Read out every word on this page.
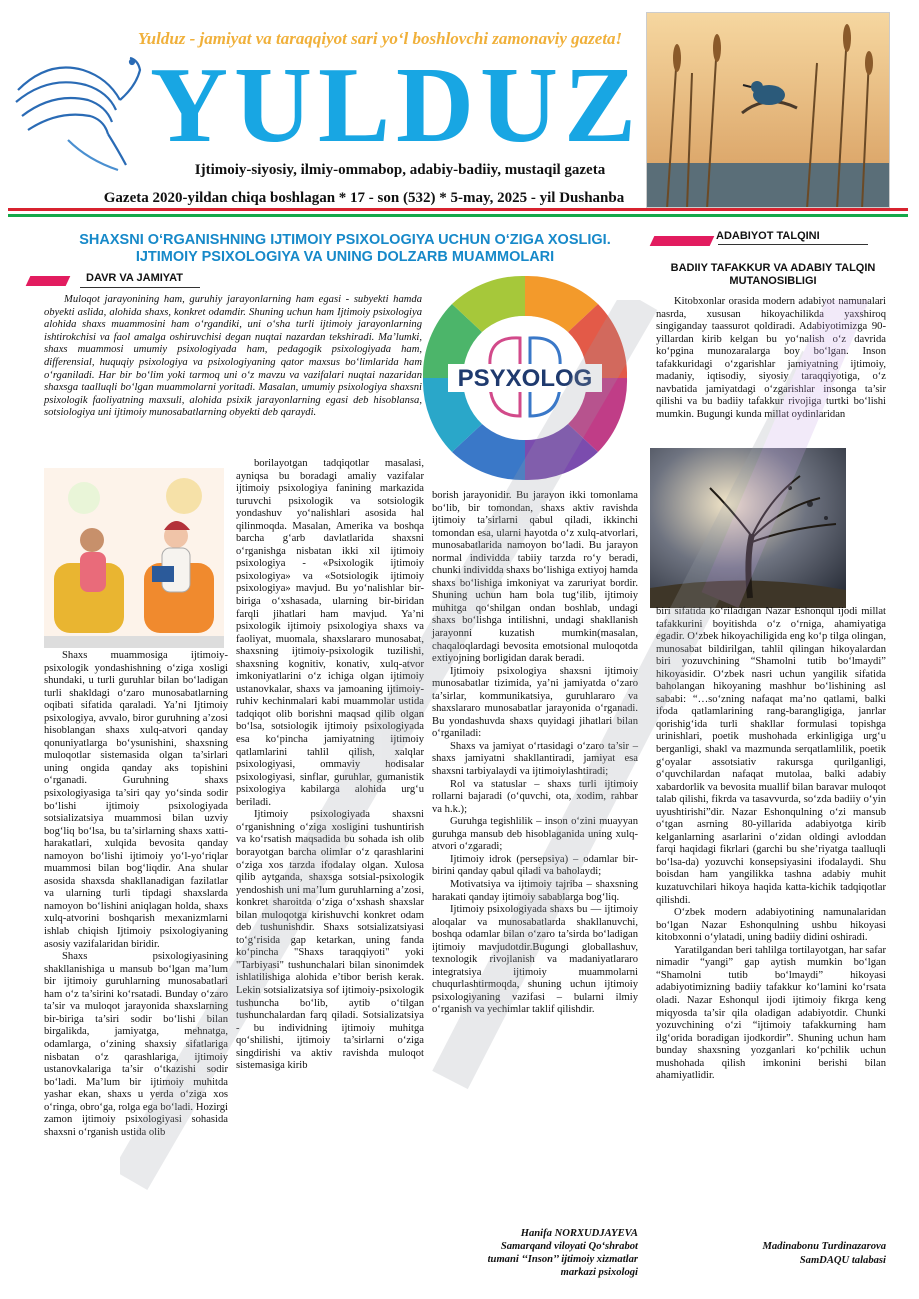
Yulduz - jamiyat va taraqqiyot sari yo‘l boshlovchi zamonaviy gazeta!
YULDUZ
Ijtimoiy-siyosiy, ilmiy-ommabop, adabiy-badiiy, mustaqil gazeta
Gazeta 2020-yildan chiqa boshlagan * 17 - son (532) * 5-may, 2025 - yil Dushanba
SHAXSNI O‘RGANISHNING IJTIMOIY PSIXOLOGIYA UCHUN O‘ZIGA XOSLIGI. IJTIMOIY PSIXOLOGIYA VA UNING DOLZARB MUAMMOLARI
DAVR VA JAMIYAT
Muloqot jarayonining ham, guruhiy jarayonlarning ham egasi - subyekti hamda obyekti aslida, alohida shaxs, konkret odamdir. Shuning uchun ham Ijtimoiy psixologiya alohida shaxs muammosini ham o‘rgandiki, uni o‘sha turli ijtimoiy jarayonlarning ishtirokchisi va faol amalga oshiruvchisi degan nuqtai nazardan tekshiradi. Ma’lumki, shaxs muammosi umumiy psixologiyada ham, pedagogik psixologiyada ham, differensial, huquqiy psixologiya va psixologiyaning qator maxsus bo‘limlarida ham o‘rganiladi. Har bir bo‘lim yoki tarmoq uni o‘z mavzu va vazifalari nuqtai nazaridan shaxsga taalluqli bo‘lgan muammolarni yoritadi. Masalan, umumiy psixologiya shaxsni psixologik faoliyatning maxsuli, alohida psixik jarayonlarning egasi deb hisoblansa, sotsiologiya uni ijtimoiy munosabatlarning obyekti deb qaraydi.
PSYXOLOG

Shaxs muammosiga ijtimoiy-psixologik yondashishning o‘ziga xosligi shundaki, u turli guruhlar bilan bo‘ladigan turli shakldagi o‘zaro munosabatlarning oqibati sifatida qaraladi. Ya’ni Ijtimoiy psixologiya, avvalo, biror guruhning a’zosi hisoblangan shaxs xulq-atvori qanday qonuniyatlarga bo‘ysunishini, shaxsning muloqotlar sistemasida olgan ta’sirlari uning ongida qanday aks topishini o‘rganadi. Guruhning shaxs psixologiyasiga ta’siri qay yo‘sinda sodir bo‘lishi ijtimoiy psixologiyada sotsializatsiya muammosi bilan uzviy bog‘liq bo‘lsa, bu ta’sirlarning shaxs xatti-harakatlari, xulqida bevosita qanday namoyon bo‘lishi ijtimoiy yo‘l-yo‘riqlar muammosi bilan bog‘liqdir. Ana shular asosida shaxsda shakllanadigan fazilatlar va ularning turli tipdagi shaxslarda namoyon bo‘lishini aniqlagan holda, shaxs xulq-atvorini boshqarish mexanizmlarni ishlab chiqish Ijtimoiy psixologiyaning asosiy vazifalaridan biridir.

Shaxs psixologiyasining shakllanishiga u mansub bo‘lgan ma’lum bir ijtimoiy guruhlarning munosabatlari ham o‘z ta’sirini ko‘rsatadi. Bunday o‘zaro ta’sir va muloqot jarayonida shaxslarning bir-biriga ta’siri sodir bo‘lishi bilan birgalikda, jamiyatga, mehnatga, odamlarga, o‘zining shaxsiy sifatlariga nisbatan o‘z qarashlariga, ijtimoiy ustanovkalariga ta’sir o‘tkazishi sodir bo‘ladi. Ma’lum bir ijtimoiy muhitda yashar ekan, shaxs u yerda o‘ziga xos o‘ringa, obro‘ga, rolga ega bo‘ladi. Hozirgi zamon ijtimoiy psixologiyasi sohasida shaxsni o‘rganish ustida olib

borilayotgan tadqiqotlar masalasi, ayniqsa bu boradagi amaliy vazifalar ijtimoiy psixologiya fanining markazida turuvchi psixologik va sotsiologik yondashuv yo‘nalishlari asosida hal qilinmoqda. Masalan, Amerika va boshqa barcha g‘arb davlatlarida shaxsni o‘rganishga nisbatan ikki xil ijtimoiy psixologiya - «Psixologik ijtimoiy psixologiya» va «Sotsiologik ijtimoiy psixologiya» mavjud. Bu yo‘nalishlar bir-biriga o‘xshasada, ularning bir-biridan farqli jihatlari ham mavjud. Ya’ni psixologik ijtimoiy psixologiya shaxs va faoliyat, muomala, shaxslararo munosabat, shaxsning ijtimoiy-psixologik tuzilishi, shaxsning kognitiv, konativ, xulq-atvor imkoniyatlarini o‘z ichiga olgan ijtimoiy ustanovkalar, shaxs va jamoaning ijtimoiy-ruhiv kechinmalari kabi muammolar ustida tadqiqot olib borishni maqsad qilib olgan bo‘lsa, sotsiologik ijtimoiy psixologiyada esa ko‘pincha jamiyatning ijtimoiy qatlamlarini tahlil qilish, xalqlar psixologiyasi, ommaviy hodisalar psixologiyasi, sinflar, guruhlar, gumanistik psixologiya kabilarga alohida urg‘u beriladi.

Ijtimoiy psixologiyada shaxsni o‘rganishning o‘ziga xosligini tushuntirish va ko‘rsatish maqsadida bu sohada ish olib borayotgan barcha olimlar o‘z qarashlarini o‘ziga xos tarzda ifodalay olgan. Xulosa qilib aytganda, shaxsga sotsial-psixologik yendoshish uni ma’lum guruhlarning a’zosi, konkret sharoitda o‘ziga o‘xshash shaxslar bilan muloqotga kirishuvchi konkret odam deb tushunishdir. Shaxs sotsializatsiyasi to‘g‘risida gap ketarkan, uning fanda ko‘pincha "Shaxs taraqqiyoti" yoki "Tarbiyasi" tushunchalari bilan sinonimdek ishlatilishiga alohida e’tibor berish kerak. Lekin sotsializatsiya sof ijtimoiy-psixologik tushuncha bo‘lib, aytib o‘tilgan tushunchalardan farq qiladi. Sotsializatsiya - bu individning ijtimoiy muhitga qo‘shilishi, ijtimoiy ta’sirlarni o‘ziga singdirishi va aktiv ravishda muloqot sistemasiga kirib

borish jarayonidir. Bu jarayon ikki tomonlama bo‘lib, bir tomondan, shaxs aktiv ravishda ijtimoiy ta’sirlarni qabul qiladi, ikkinchi tomondan esa, ularni hayotda o‘z xulq-atvorlari, munosabatlarida namoyon bo‘ladi. Bu jarayon normal individda tabiiy tarzda ro‘y beradi, chunki individda shaxs bo‘lishiga extiyoj hamda shaxs bo‘lishiga imkoniyat va zaruriyat bordir. Shuning uchun ham bola tug‘ilib, ijtimoiy muhitga qo‘shilgan ondan boshlab, undagi shaxs bo‘lishga intilishni, undagi shakllanish jarayonni kuzatish mumkin(masalan, chaqaloqlardagi bevosita emotsional muloqotda extiyojning borligidan darak beradi.

Ijtimoiy psixologiya shaxsni ijtimoiy munosabatlar tizimida, ya’ni jamiyatda o‘zaro ta’sirlar, kommunikatsiya, guruhlararo va shaxslararo munosabatlar jarayonida o‘rganadi. Bu yondashuvda shaxs quyidagi jihatlari bilan o‘rganiladi:

Shaxs va jamiyat o‘rtasidagi o‘zaro ta’sir – shaxs jamiyatni shakllantiradi, jamiyat esa shaxsni tarbiyalaydi va ijtimoiylashtiradi;

Rol va statuslar – shaxs turli ijtimoiy rollarni bajaradi (o‘quvchi, ota, xodim, rahbar va h.k.);

Guruhga tegishlilik – inson o‘zini muayyan guruhga mansub deb hisoblaganida uning xulq-atvori o‘zgaradi;

Ijtimoiy idrok (persepsiya) – odamlar bir-birini qanday qabul qiladi va baholaydi;

Motivatsiya va ijtimoiy tajriba – shaxsning harakati qanday ijtimoiy sabablarga bog‘liq.

Ijtimoiy psixologiyada shaxs bu — ijtimoiy aloqalar va munosabatlarda shakllanuvchi, boshqa odamlar bilan o‘zaro ta’sirda bo‘ladigan ijtimoiy mavjudotdir.Bugungi globallashuv, texnologik rivojlanish va madaniyatlararo integratsiya ijtimoiy muammolarni chuqurlashtirmoqda, shuning uchun ijtimoiy psixologiyaning vazifasi – bularni ilmiy o‘rganish va yechimlar taklif qilishdir.

Hanifa NORXUDJAYEVA
Samarqand viloyati Qo‘shrabot
tumani ‘‘Inson’’ ijtimoiy xizmatlar
markazi psixologi
ADABIYOT TALQINI
BADIIY TAFAKKUR VA ADABIY TALQIN MUTANOSIBLIGI

Kitobxonlar orasida modern adabiyot namunalari nasrda, xususan hikoyachilikda yaxshiroq singiganday taassurot qoldiradi. Adabiyotimizga 90-yillardan kirib kelgan bu yo‘nalish o‘z davrida ko‘pgina munozaralarga boy bo‘lgan. Inson tafakkuridagi o‘zgarishlar jamiyatning ijtimoiy, madaniy, iqtisodiy, siyosiy taraqqiyotiga, o‘z navbatida jamiyatdagi o‘zgarishlar insonga ta’sir qilishi va bu badiiy tafakkur rivojiga turtki bo‘lishi mumkin. Bugungi kunda millat oydinlaridan

biri sifatida ko‘riladigan Nazar Eshonqul ijodi millat tafakkurini boyitishda o‘z o‘rniga, ahamiyatiga egadir. O‘zbek hikoyachiligida eng ko‘p tilga olingan, munosabat bildirilgan, tahlil qilingan hikoyalardan biri yozuvchining “Shamolni tutib bo‘lmaydi” hikoyasidir. O‘zbek nasri uchun yangilik sifatida baholangan hikoyaning mashhur bo‘lishining asl sababi: “…so‘zning nafaqat ma’no qatlami, balki ifoda qatlamlarining rang-barangligiga, janrlar qorishig‘ida turli shakllar formulasi topishga urinishlari, poetik mushohada erkinligiga urg‘u berganligi, shakl va mazmunda serqatlamlilik, poetik g‘oyalar assotsiativ rakursga qurilganligi, o‘quvchilardan nafaqat mutolaa, balki adabiy xabardorlik va bevosita muallif bilan baravar muloqot talab qilishi, fikrda va tasavvurda, so‘zda badiiy o‘yin uyushtirishi”dir. Nazar Eshonqulning o‘zi mansub o‘tgan asrning 80-yillarida adabiyotga kirib kelganlarning asarlarini o‘zidan oldingi avloddan farqi haqidagi fikrlari (garchi bu she’riyatga taalluqli bo‘lsa-da) yozuvchi konsepsiyasini ifodalaydi. Shu boisdan ham yangilikka tashna adabiy muhit kuzatuvchilari hikoya haqida katta-kichik tadqiqotlar qilishdi.

O‘zbek modern adabiyotining namunalaridan bo‘lgan Nazar Eshonqulning ushbu hikoyasi kitobxonni o‘ylatadi, uning badiiy didini oshiradi.

Yaratilgandan beri tahlilga tortilayotgan, har safar nimadir “yangi” gap aytish mumkin bo‘lgan “Shamolni tutib bo‘lmaydi” hikoyasi adabiyotimizning badiiy tafakkur ko‘lamini ko‘rsata oladi. Nazar Eshonqul ijodi ijtimoiy fikrga keng miqyosda ta’sir qila oladigan adabiyotdir. Chunki yozuvchining o‘zi “ijtimoiy tafakkurning ham ilg‘orida boradigan ijodkordir”. Shuning uchun ham bunday shaxsning yozganlari ko‘pchilik uchun mushohada qilish imkonini berishi bilan ahamiyatlidir.

Madinabonu Turdinazarova
SamDAQU talabasi
